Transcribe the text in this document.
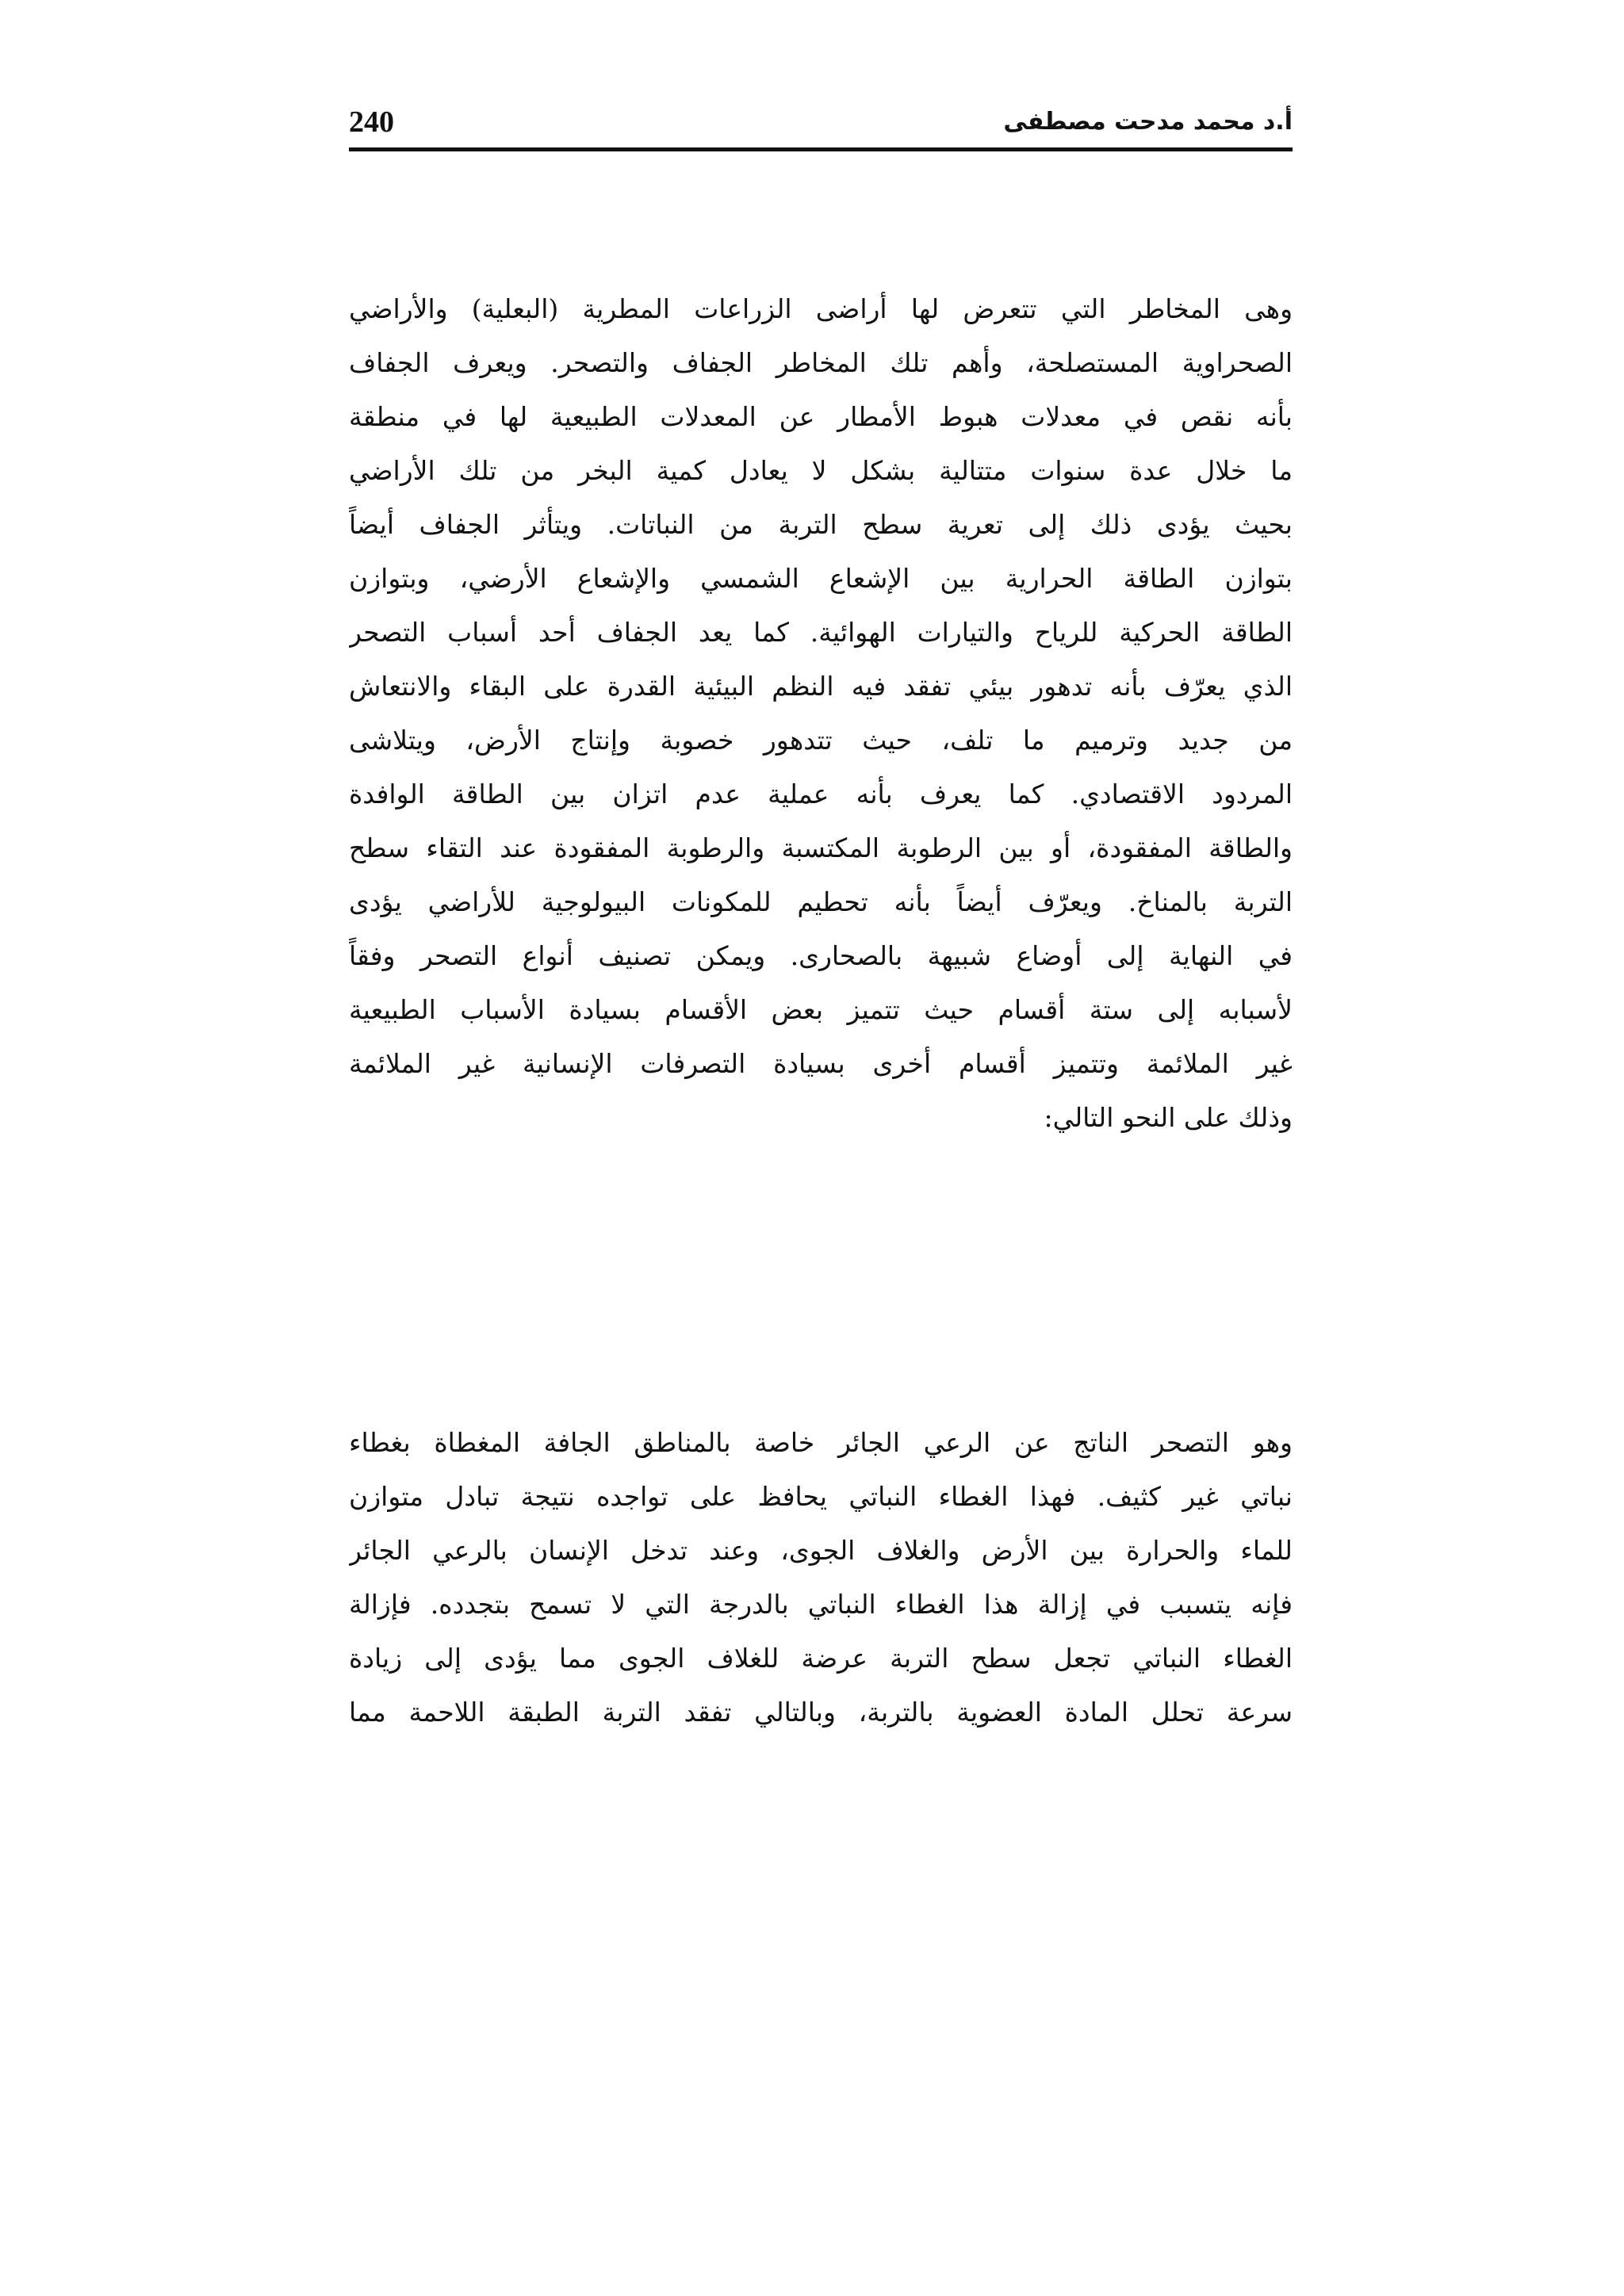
240	أ.د محمد مدحت مصطفى
وهى المخاطر التي تتعرض لها أراضى الزراعات المطرية (البعلية) والأراضي
الصحراوية المستصلحة، وأهم تلك المخاطر الجفاف والتصحر. ويعرف الجفاف
بأنه نقص في معدلات هبوط الأمطار عن المعدلات الطبيعية لها في منطقة
ما خلال عدة سنوات متتالية بشكل لا يعادل كمية البخر من تلك الأراضي
بحيث يؤدى ذلك إلى تعرية سطح التربة من النباتات. ويتأثر الجفاف أيضاً
بتوازن الطاقة الحرارية بين الإشعاع الشمسي والإشعاع الأرضي، وبتوازن
الطاقة الحركية للرياح والتيارات الهوائية. كما يعد الجفاف أحد أسباب التصحر
الذي يعرّف بأنه تدهور بيئي تفقد فيه النظم البيئية القدرة على البقاء والانتعاش
من جديد وترميم ما تلف، حيث تتدهور خصوبة وإنتاج الأرض، ويتلاشى
المردود الاقتصادي. كما يعرف بأنه عملية عدم اتزان بين الطاقة الوافدة
والطاقة المفقودة، أو بين الرطوبة المكتسبة والرطوبة المفقودة عند التقاء سطح
التربة بالمناخ. ويعرّف أيضاً بأنه تحطيم للمكونات البيولوجية للأراضي يؤدى
في النهاية إلى أوضاع شبيهة بالصحارى. ويمكن تصنيف أنواع التصحر وفقاً
لأسبابه إلى ستة أقسام حيث تتميز بعض الأقسام بسيادة الأسباب الطبيعية
غير الملائمة وتتميز أقسام أخرى بسيادة التصرفات الإنسانية غير الملائمة
وذلك على النحو التالي:
وهو التصحر الناتج عن الرعي الجائر خاصة بالمناطق الجافة المغطاة بغطاء
نباتي غير كثيف. فهذا الغطاء النباتي يحافظ على تواجده نتيجة تبادل متوازن
للماء والحرارة بين الأرض والغلاف الجوى، وعند تدخل الإنسان بالرعي الجائر
فإنه يتسبب في إزالة هذا الغطاء النباتي بالدرجة التي لا تسمح بتجدده. فإزالة
الغطاء النباتي تجعل سطح التربة عرضة للغلاف الجوى مما يؤدى إلى زيادة
سرعة تحلل المادة العضوية بالتربة، وبالتالي تفقد التربة الطبقة اللاحمة مما
